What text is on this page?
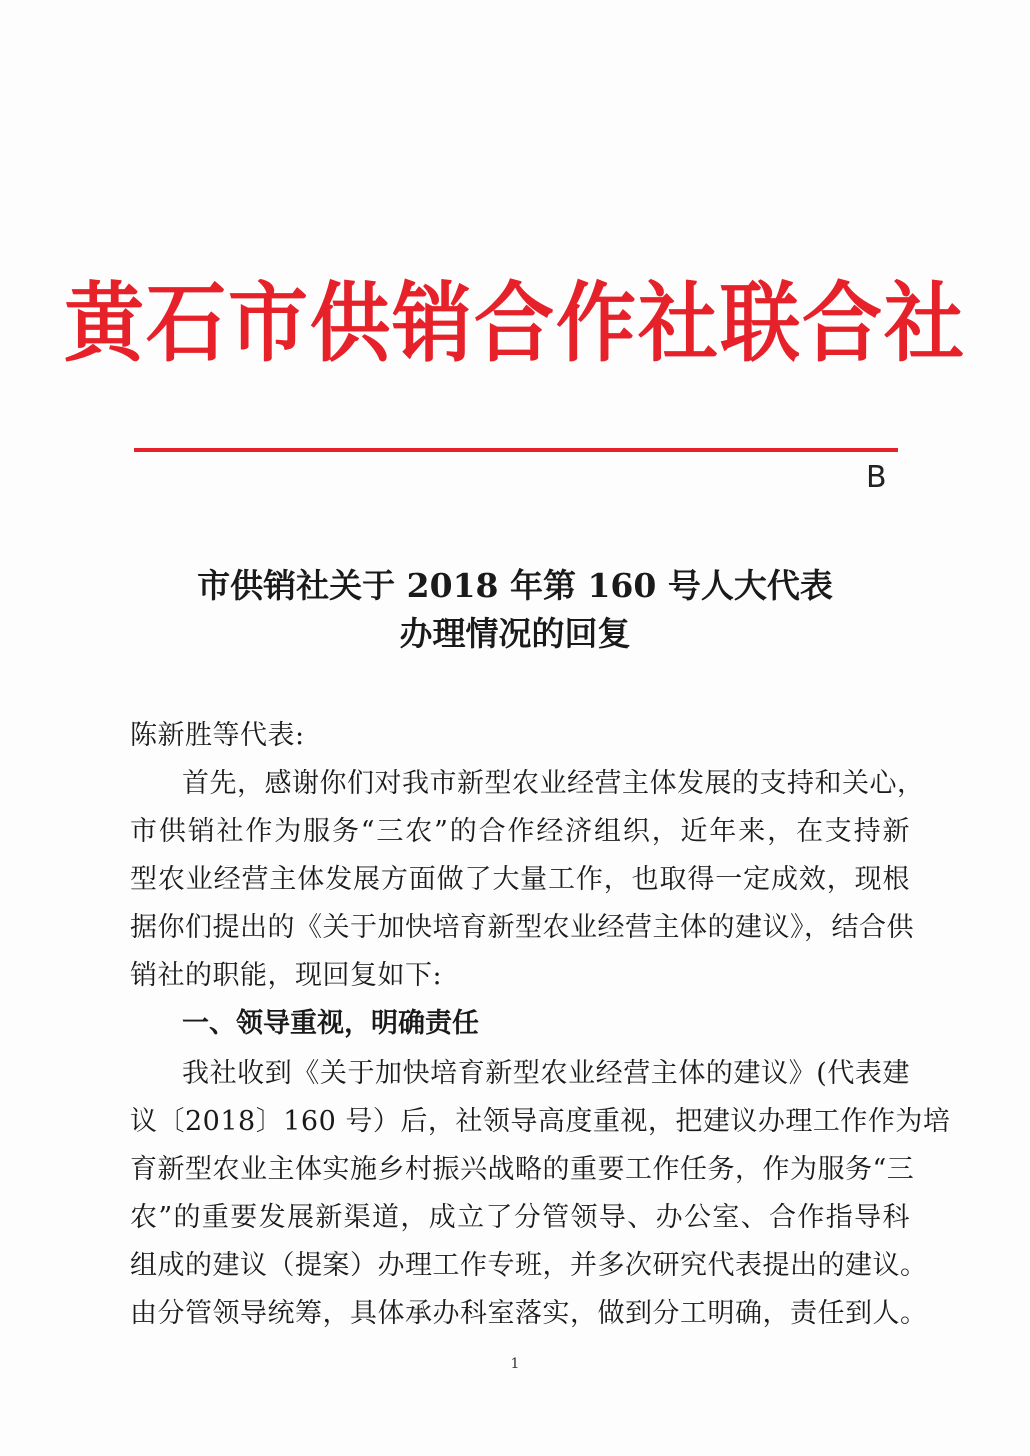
黄石市供销合作社联合社
B
市供销社关于 2018 年第 160 号人大代表
办理情况的回复
陈新胜等代表:
首先，感谢你们对我市新型农业经营主体发展的支持和关心，
市供销社作为服务“三农”的合作经济组织，近年来，在支持新
型农业经营主体发展方面做了大量工作，也取得一定成效，现根
据你们提出的《关于加快培育新型农业经营主体的建议》，结合供
销社的职能，现回复如下:
一、领导重视，明确责任
我社收到《关于加快培育新型农业经营主体的建议》(代表建
议〔2018〕160 号）后，社领导高度重视，把建议办理工作作为培
育新型农业主体实施乡村振兴战略的重要工作任务，作为服务“三
农”的重要发展新渠道，成立了分管领导、办公室、合作指导科
组成的建议（提案）办理工作专班，并多次研究代表提出的建议。
由分管领导统筹，具体承办科室落实，做到分工明确，责任到人。
1
